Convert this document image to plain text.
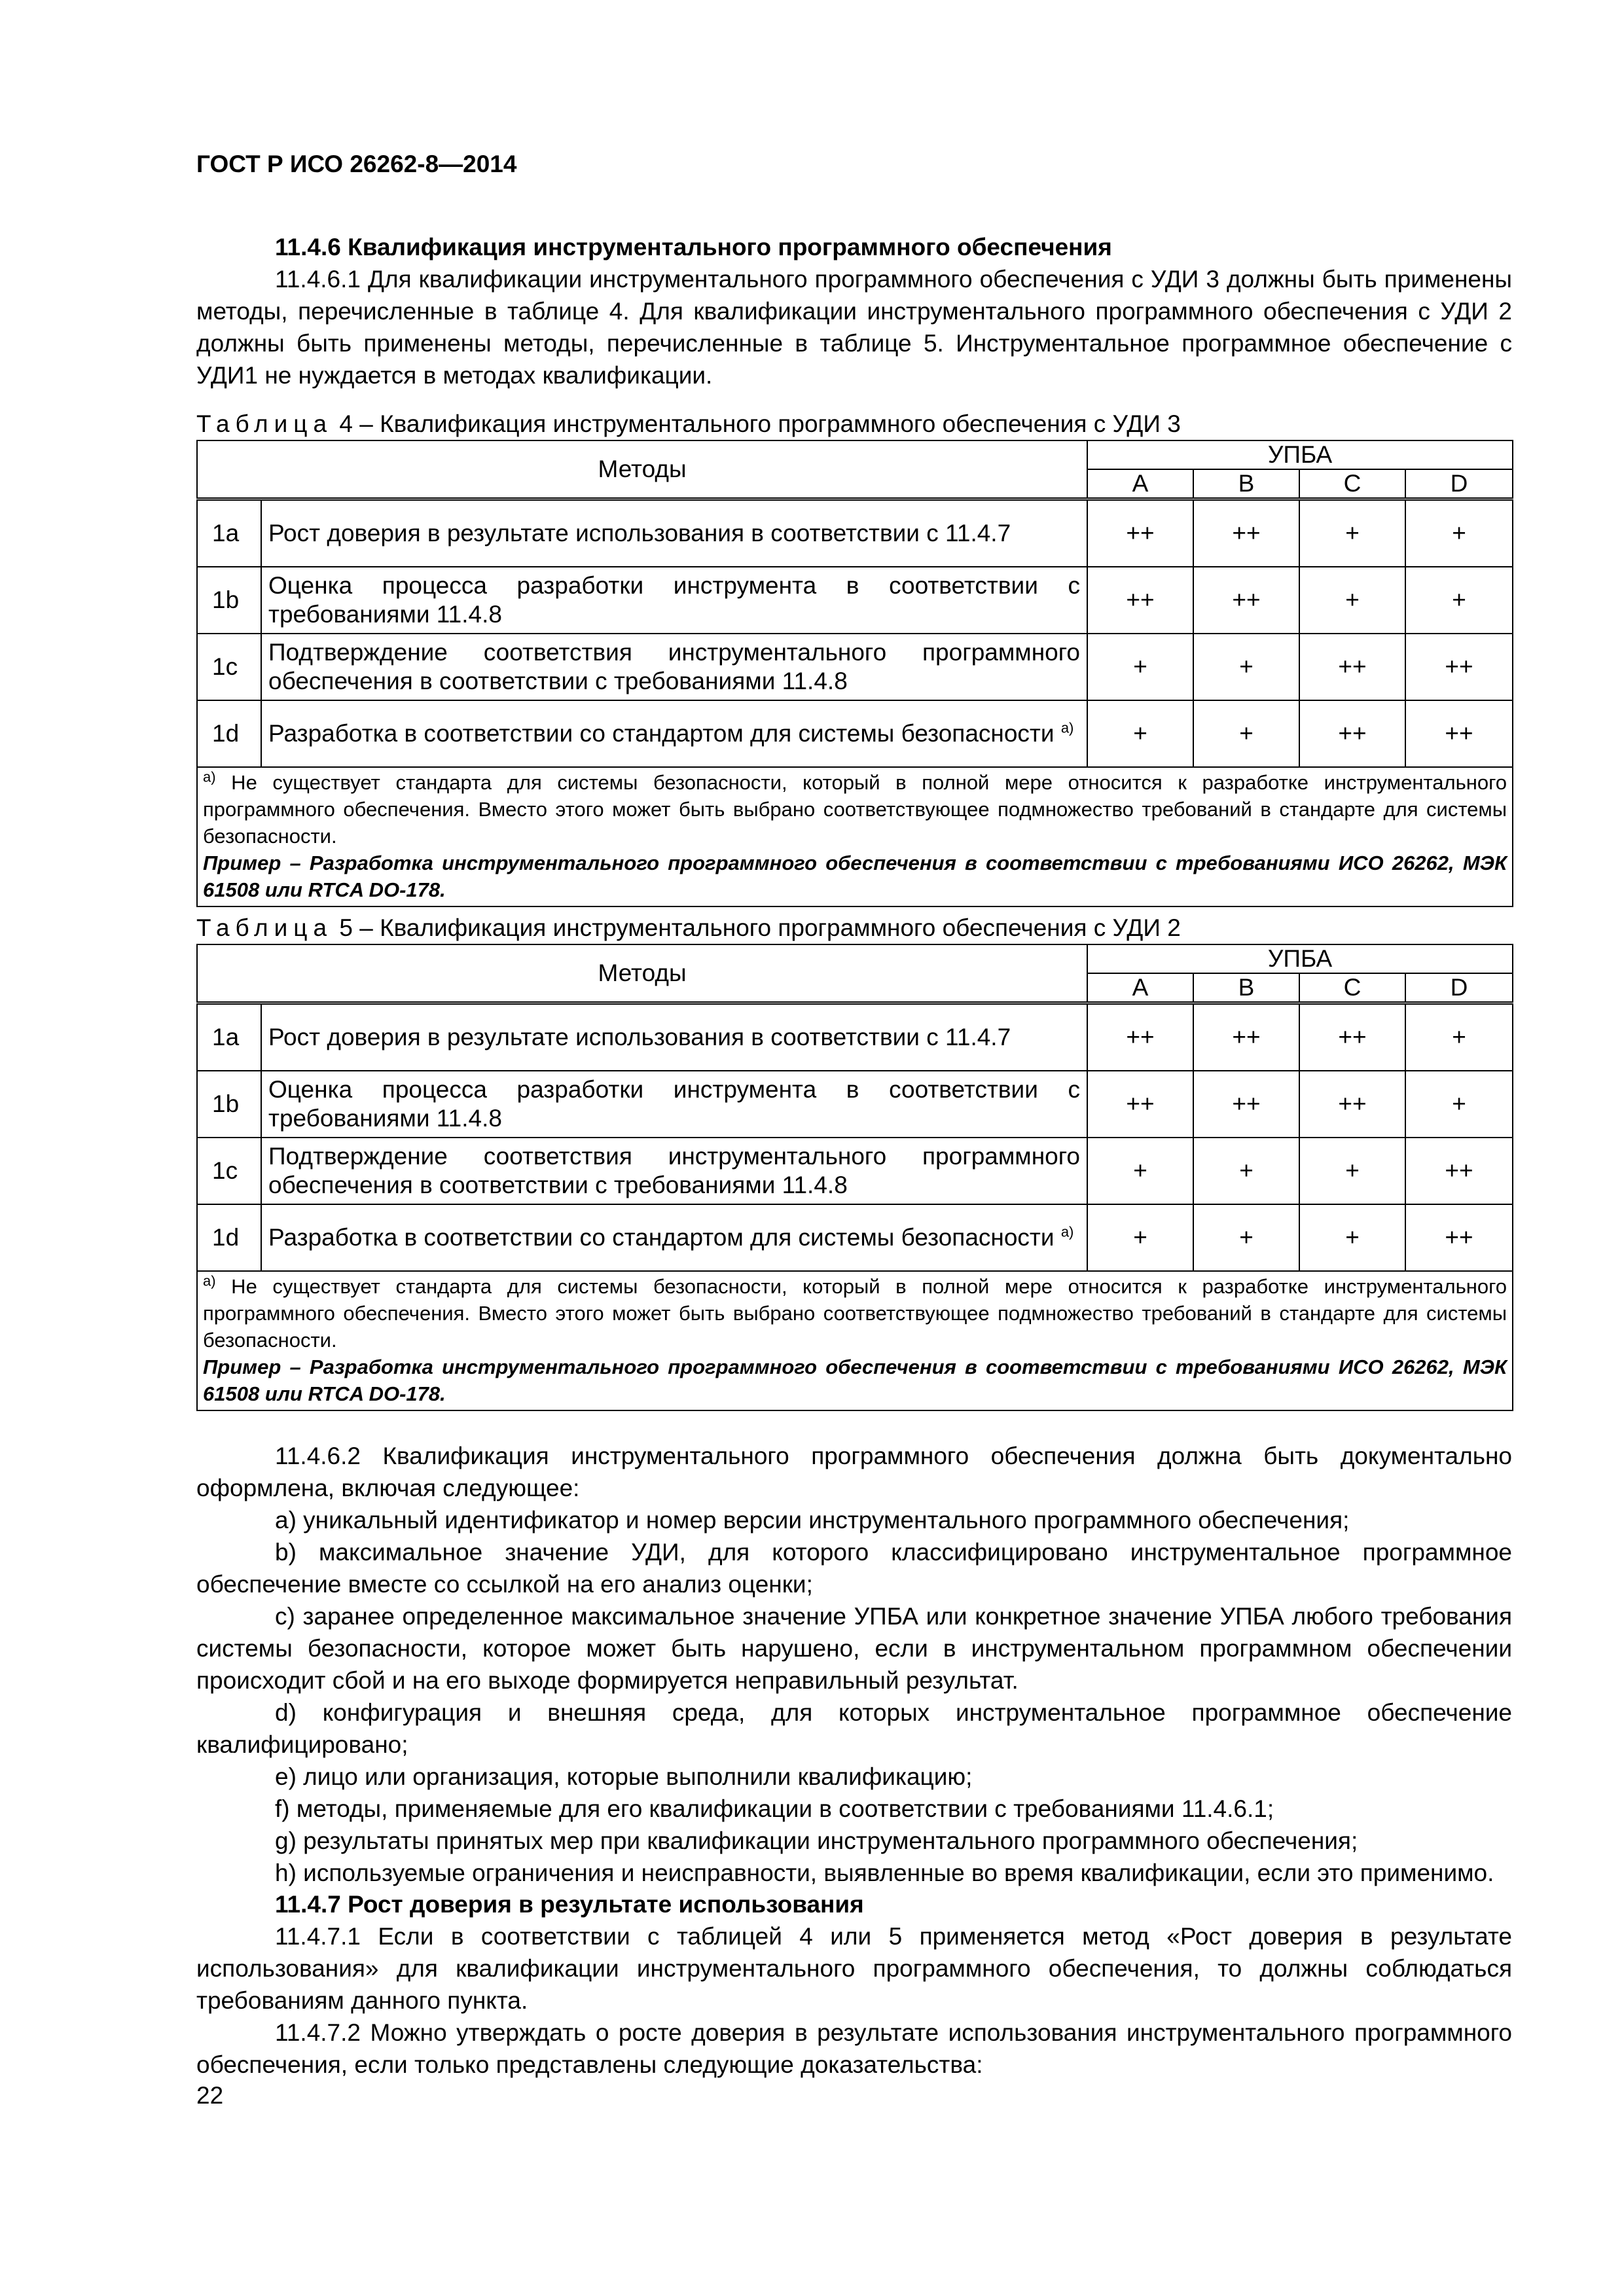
ГОСТ Р ИСО 26262-8—2014
11.4.6 Квалификация инструментального программного обеспечения

11.4.6.1 Для квалификации инструментального программного обеспечения с УДИ 3 должны быть применены методы, перечисленные в таблице 4. Для квалификации инструментального программного обеспечения с УДИ 2 должны быть применены методы, перечисленные в таблице 5. Инструментальное программное обеспечение с УДИ1 не нуждается в методах квалификации.

Таблица 4 – Квалификация инструментального программного обеспечения с УДИ 3
Методы		УПБА			
		A	B	C	D
1a	Рост доверия в результате использования в соответствии с 11.4.7	++	++	+	+
1b	Оценка процесса разработки инструмента в соответствии с требованиями 11.4.8	++	++	+	+
1c	Подтверждение соответствия инструментального программного обеспечения в соответствии с требованиями 11.4.8	+	+	++	++
1d	Разработка в соответствии со стандартом для системы безопасности $^{a)}$	+	+	++	++
$^{a)}$ Не существует стандарта для системы безопасности, который в полной мере относится к разработке инструментального программного обеспечения. Вместо этого может быть выбрано соответствующее подмножество требований в стандарте для системы безопасности.
Пример – Разработка инструментального программного обеспечения в соответствии с требованиями ИСО 26262, МЭК 61508 или RTCA DO-178.					
Таблица 5 – Квалификация инструментального программного обеспечения с УДИ 2
Методы		УПБА			
		A	B	C	D
1a	Рост доверия в результате использования в соответствии с 11.4.7	++	++	++	+
1b	Оценка процесса разработки инструмента в соответствии с требованиями 11.4.8	++	++	++	+
1c	Подтверждение соответствия инструментального программного обеспечения в соответствии с требованиями 11.4.8	+	+	+	++
1d	Разработка в соответствии со стандартом для системы безопасности $^{a)}$	+	+	+	++
$^{a)}$ Не существует стандарта для системы безопасности, который в полной мере относится к разработке инструментального программного обеспечения. Вместо этого может быть выбрано соответствующее подмножество требований в стандарте для системы безопасности.
Пример – Разработка инструментального программного обеспечения в соответствии с требованиями ИСО 26262, МЭК 61508 или RTCA DO-178.					

11.4.6.2 Квалификация инструментального программного обеспечения должна быть документально оформлена, включая следующее:

a) уникальный идентификатор и номер версии инструментального программного обеспечения;

b) максимальное значение УДИ, для которого классифицировано инструментальное программное обеспечение вместе со ссылкой на его анализ оценки;

c) заранее определенное максимальное значение УПБА или конкретное значение УПБА любого требования системы безопасности, которое может быть нарушено, если в инструментальном программном обеспечении происходит сбой и на его выходе формируется неправильный результат.

d) конфигурация и внешняя среда, для которых инструментальное программное обеспечение квалифицировано;

e) лицо или организация, которые выполнили квалификацию;

f) методы, применяемые для его квалификации в соответствии с требованиями 11.4.6.1;

g) результаты принятых мер при квалификации инструментального программного обеспечения;

h) используемые ограничения и неисправности, выявленные во время квалификации, если это применимо.

11.4.7 Рост доверия в результате использования

11.4.7.1 Если в соответствии с таблицей 4 или 5 применяется метод «Рост доверия в результате использования» для квалификации инструментального программного обеспечения, то должны соблюдаться требованиям данного пункта.

11.4.7.2 Можно утверждать о росте доверия в результате использования инструментального программного обеспечения, если только представлены следующие доказательства:

22
